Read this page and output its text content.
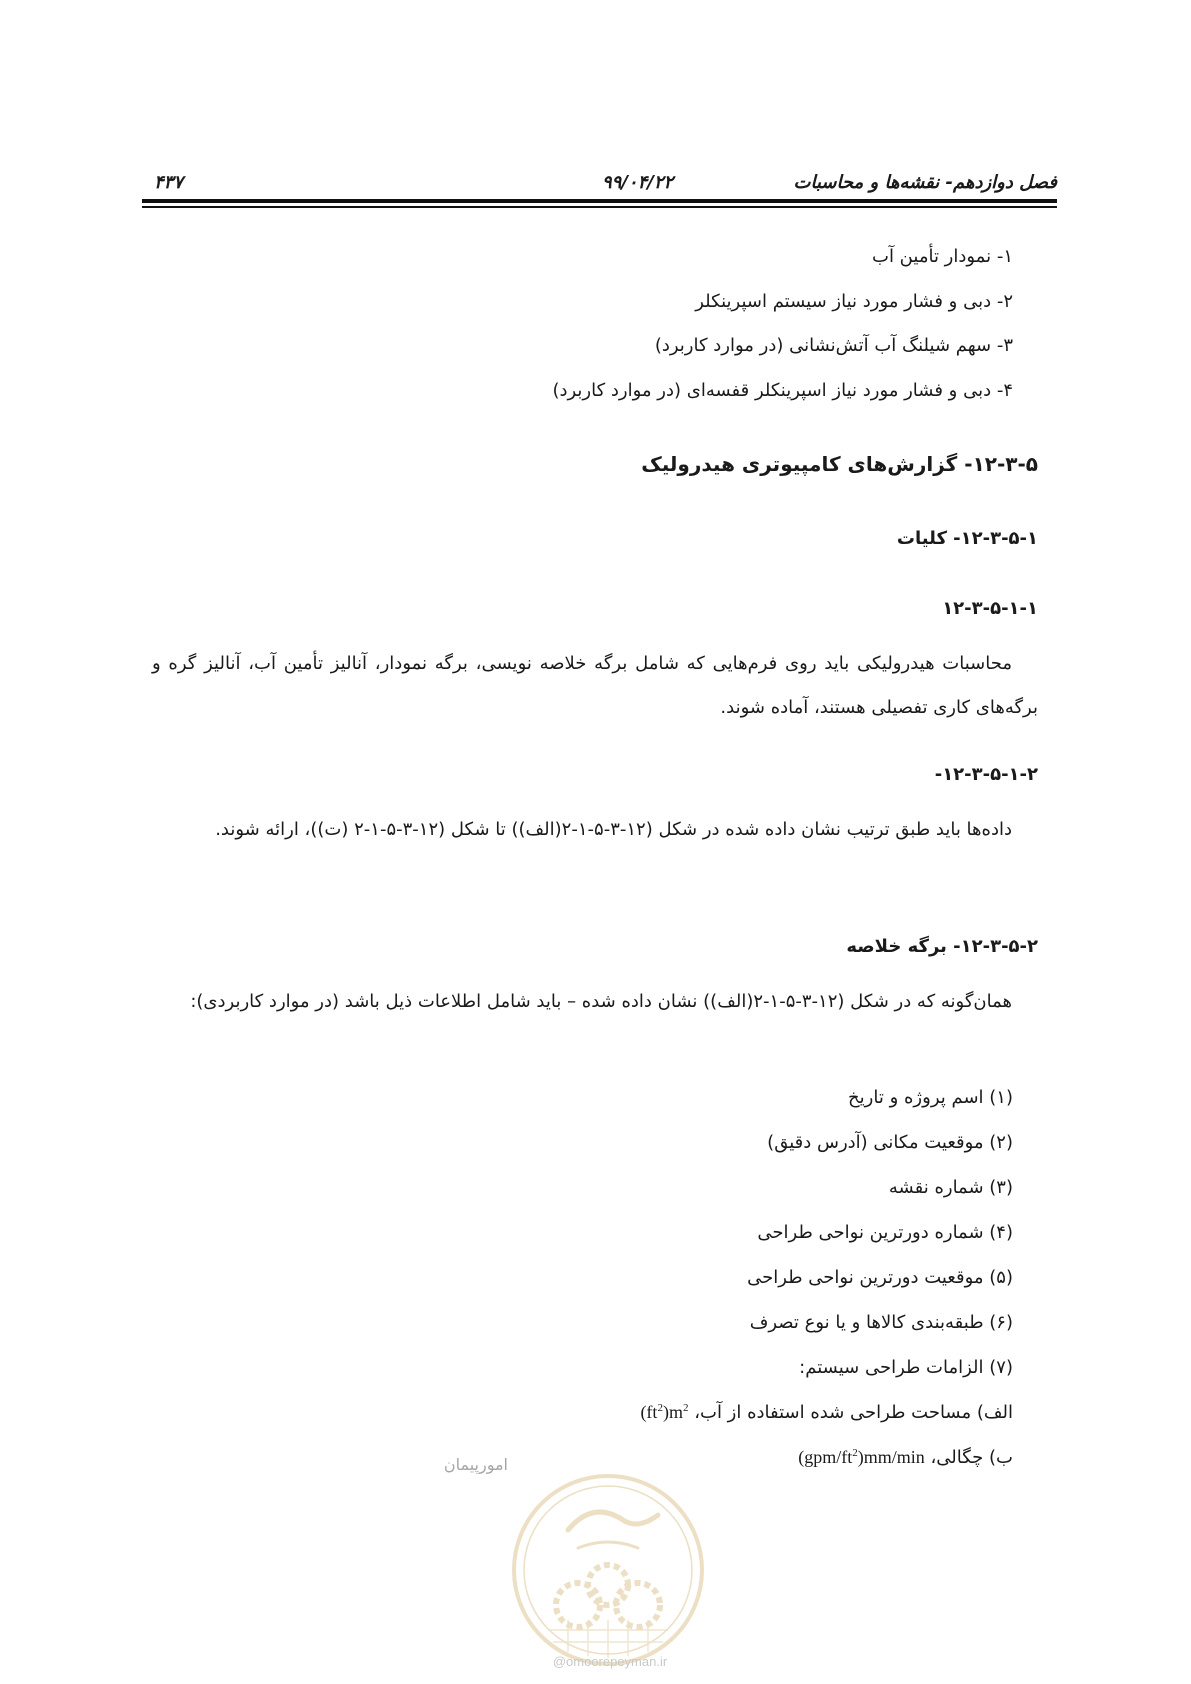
فصل دوازدهم- نقشه‌ها و محاسبات
۹۹/۰۴/۲۲
۴۳۷
۱- نمودار تأمین آب
۲- دبی و فشار مورد نیاز سیستم اسپرینکلر
۳- سهم شیلنگ آب آتش‌نشانی (در موارد کاربرد)
۴- دبی و فشار مورد نیاز اسپرینکلر قفسه‌ای (در موارد کاربرد)
۱۲-۳-۵- گزارش‌های کامپیوتری هیدرولیک
۱۲-۳-۵-۱- کلیات
۱۲-۳-۵-۱-۱
محاسبات هیدرولیکی باید روی فرم‌هایی که شامل برگه خلاصه نویسی، برگه نمودار، آنالیز تأمین آب، آنالیز گره و برگه‌های کاری تفصیلی هستند، آماده شوند.
۱۲-۳-۵-۱-۲-
داده‌ها باید طبق ترتیب نشان داده شده در شکل (۱۲-۳-۵-۱-۲(الف)) تا شکل (۱۲-۳-۵-۱-۲ (ت))، ارائه شوند.
۱۲-۳-۵-۲- برگه خلاصه
همان‌گونه که در شکل (۱۲-۳-۵-۱-۲(الف)) نشان داده شده – باید شامل اطلاعات ذیل باشد (در موارد کاربردی):
(۱) اسم پروژه و تاریخ
(۲) موقعیت مکانی (آدرس دقیق)
(۳) شماره نقشه
(۴) شماره دورترین نواحی طراحی
(۵) موقعیت دورترین نواحی طراحی
(۶) طبقه‌بندی کالاها و یا نوع تصرف
(۷) الزامات طراحی سیستم:
الف) مساحت طراحی شده استفاده از آب، $(ft^2)m^2$
ب) چگالی، $(gpm/ft^2)mm/\min$
امورپیمان
@omoorepeyman.ir
